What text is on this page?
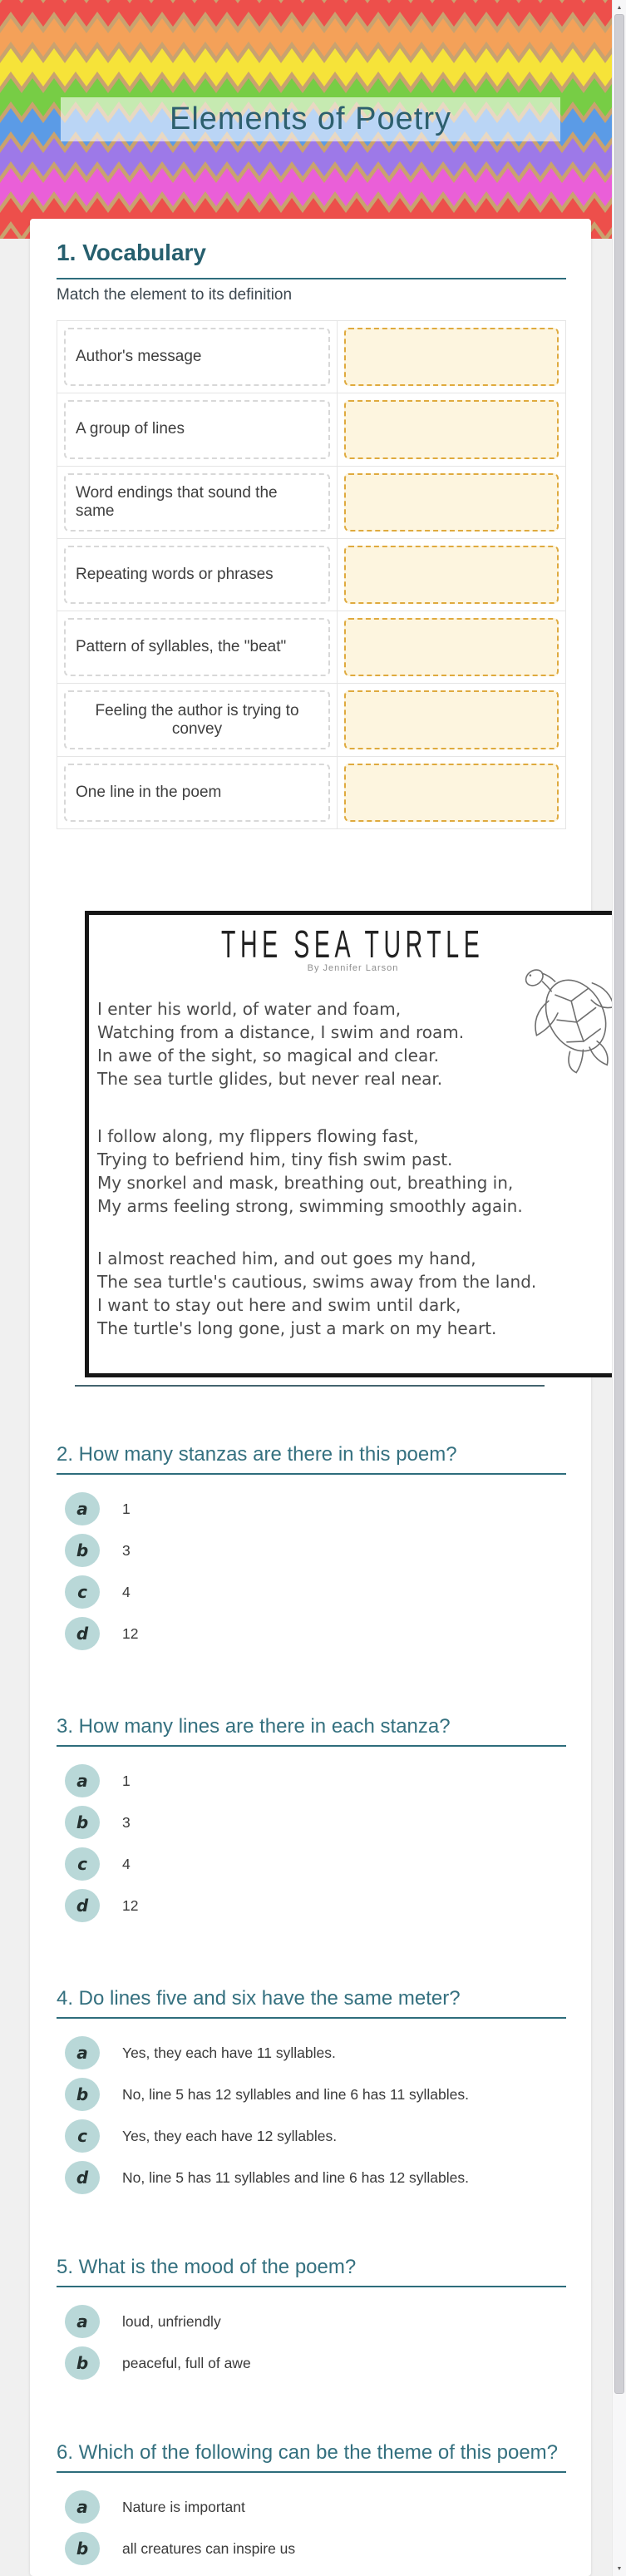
Elements of Poetry
1. Vocabulary

Match the element to its definition

Author's message
A group of lines
Word endings that sound the same
Repeating words or phrases
Pattern of syllables, the "beat"
Feeling the author is trying to convey
One line in the poem
THE SEA TURTLE
By Jennifer Larson

I enter his world, of water and foam,

Watching from a distance, I swim and roam.

In awe of the sight, so magical and clear.

The sea turtle glides, but never real near.

I follow along, my flippers flowing fast,

Trying to befriend him, tiny fish swim past.

My snorkel and mask, breathing out, breathing in,

My arms feeling strong, swimming smoothly again.

I almost reached him, and out goes my hand,

The sea turtle's cautious, swims away from the land.

I want to stay out here and swim until dark,

The turtle's long gone, just a mark on my heart.

2. How many stanzas are there in this poem?
a	1
b	3
c	4
d	12
3. How many lines are there in each stanza?
a	1
b	3
c	4
d	12
4. Do lines five and six have the same meter?
a	Yes, they each have 11 syllables.
b	No, line 5 has 12 syllables and line 6 has 11 syllables.
c	Yes, they each have 12 syllables.
d	No, line 5 has 11 syllables and line 6 has 12 syllables.
5. What is the mood of the poem?
a	loud, unfriendly
b	peaceful, full of awe
6. Which of the following can be the theme of this poem?
a	Nature is important
b	all creatures can inspire us
▲
▼
